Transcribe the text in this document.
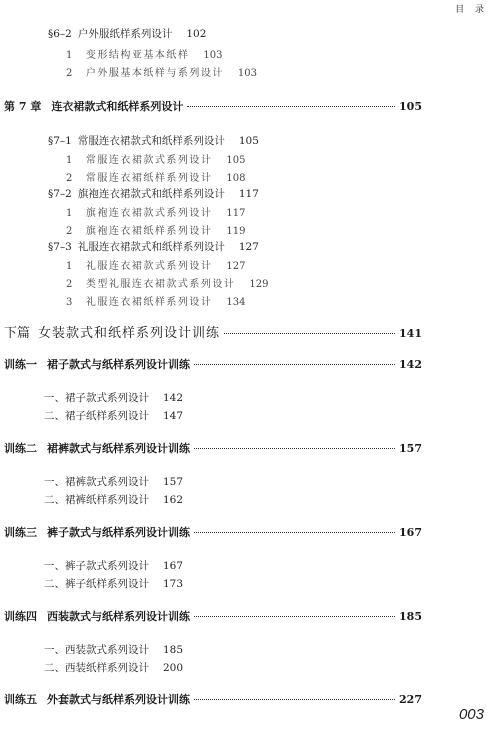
目 录
§6–2 户外服纸样系列设计 102
1 变形结构亚基本纸样 103
2 户外服基本纸样与系列设计 103
第 7 章 连衣裙款式和纸样系列设计	105
§7–1 常服连衣裙款式和纸样系列设计 105
1 常服连衣裙款式系列设计 105
2 常服连衣裙纸样系列设计 108
§7–2 旗袍连衣裙款式和纸样系列设计 117
1 旗袍连衣裙款式系列设计 117
2 旗袍连衣裙纸样系列设计 119
§7–3 礼服连衣裙款式和纸样系列设计 127
1 礼服连衣裙款式系列设计 127
2 类型礼服连衣裙款式系列设计 129
3 礼服连衣裙纸样系列设计 134
下篇 女装款式和纸样系列设计训练	141
训练一 裙子款式与纸样系列设计训练	142
一、裙子款式系列设计 142
二、裙子纸样系列设计 147
训练二 裙裤款式与纸样系列设计训练	157
一、裙裤款式系列设计 157
二、裙裤纸样系列设计 162
训练三 裤子款式与纸样系列设计训练	167
一、裤子款式系列设计 167
二、裤子纸样系列设计 173
训练四 西装款式与纸样系列设计训练	185
一、西装款式系列设计 185
二、西装纸样系列设计 200
训练五 外套款式与纸样系列设计训练	227
003
